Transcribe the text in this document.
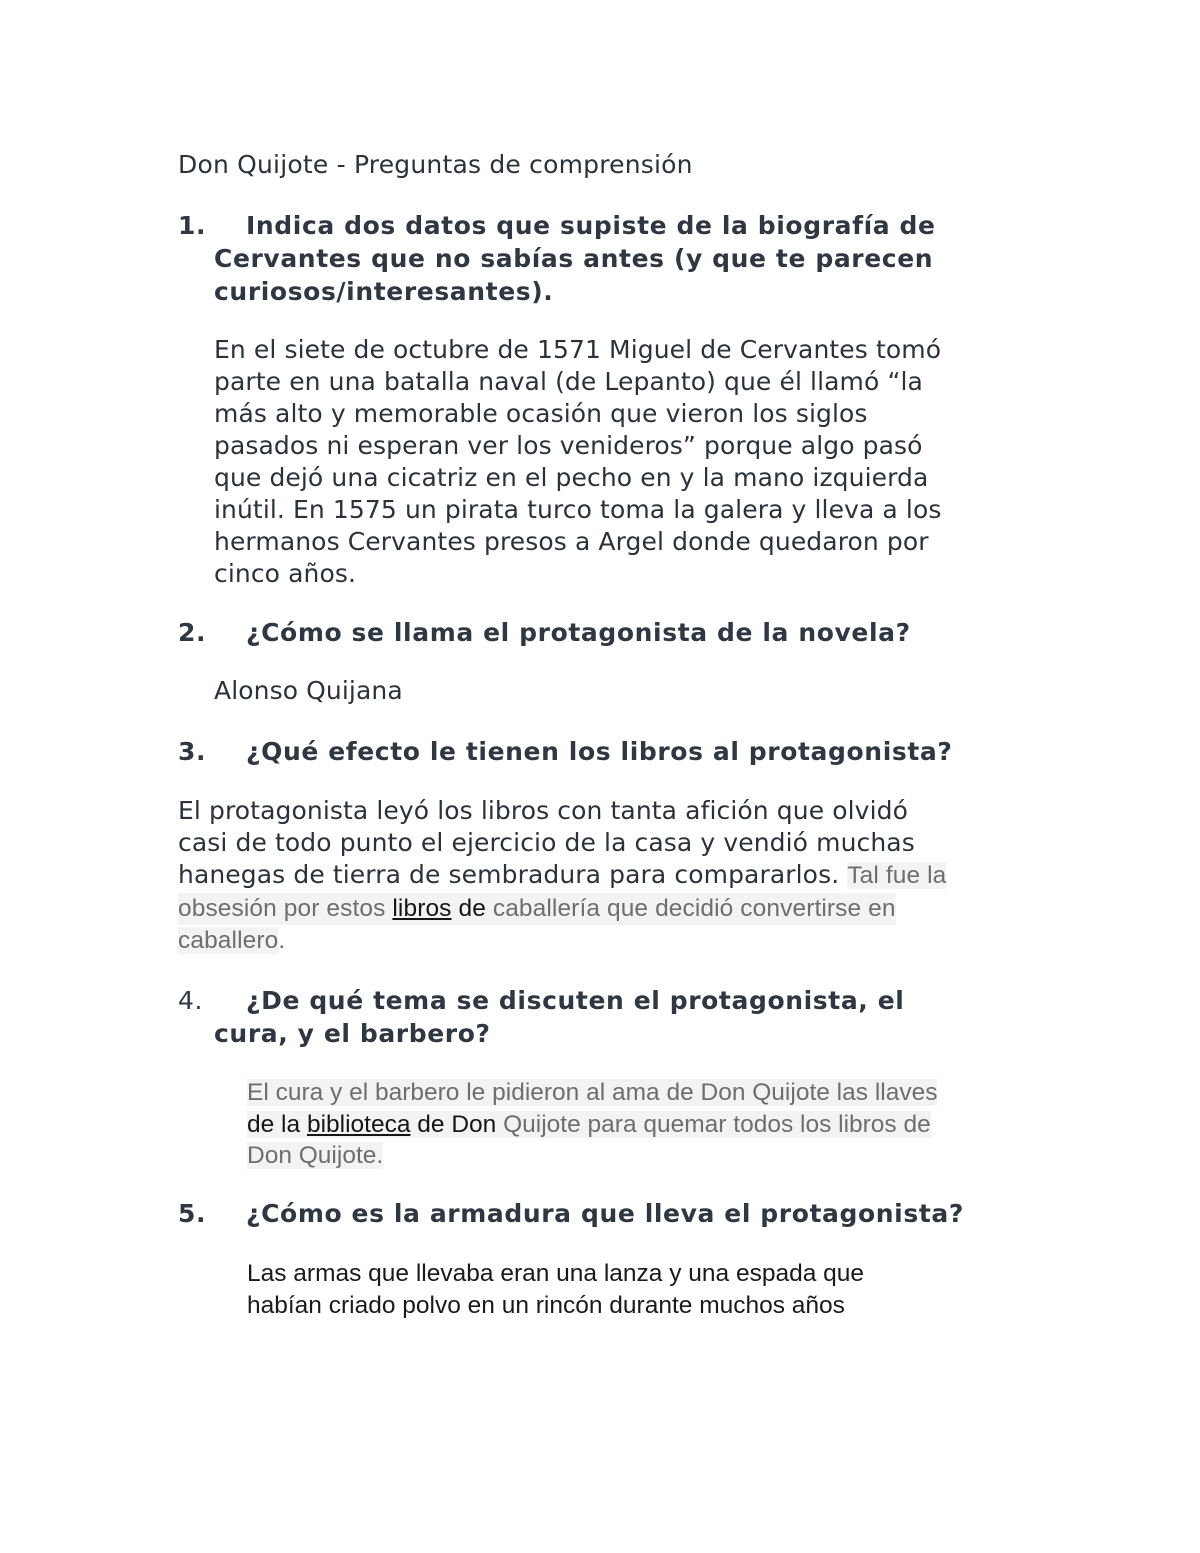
Don Quijote - Preguntas de comprensión
1.	Indica dos datos que supiste de la biografía de
Cervantes que no sabías antes (y que te parecen
curiosos/interesantes).
En el siete de octubre de 1571 Miguel de Cervantes tomó
parte en una batalla naval (de Lepanto) que él llamó “la
más alto y memorable ocasión que vieron los siglos
pasados ni esperan ver los venideros” porque algo pasó
que dejó una cicatriz en el pecho en y la mano izquierda
inútil. En 1575 un pirata turco toma la galera y lleva a los
hermanos Cervantes presos a Argel donde quedaron por
cinco años.
2.	¿Cómo se llama el protagonista de la novela?
Alonso Quijana
3.	¿Qué efecto le tienen los libros al protagonista?
El protagonista leyó los libros con tanta afición que olvidó
casi de todo punto el ejercicio de la casa y vendió muchas
hanegas de tierra de sembradura para compararlos. Tal fue la
obsesión por estos libros de caballería que decidió convertirse en
caballero.
4.	¿De qué tema se discuten el protagonista, el
cura, y el barbero?
El cura y el barbero le pidieron al ama de Don Quijote las llaves
de la biblioteca de Don Quijote para quemar todos los libros de
Don Quijote.
5.	¿Cómo es la armadura que lleva el protagonista?
Las armas que llevaba eran una lanza y una espada que
habían criado polvo en un rincón durante muchos años
